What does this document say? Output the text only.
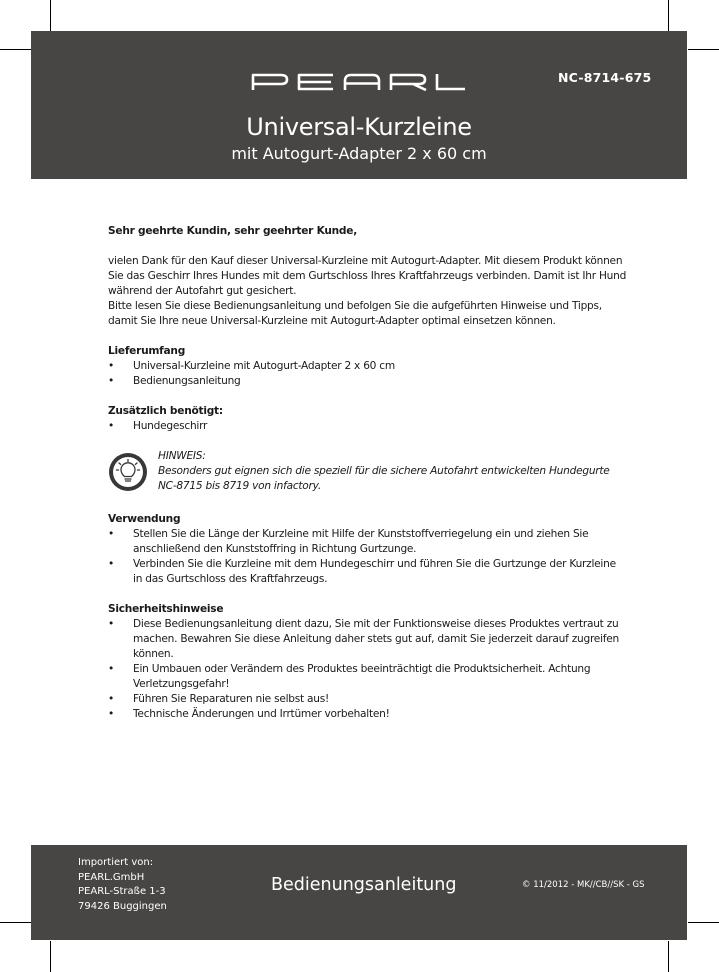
NC-8714-675
Universal-Kurzleine
mit Autogurt-Adapter 2 x 60 cm

Sehr geehrte Kundin, sehr geehrter Kunde,

vielen Dank für den Kauf dieser Universal-Kurzleine mit Autogurt-Adapter. Mit diesem Produkt können Sie das Geschirr Ihres Hundes mit dem Gurtschloss Ihres Kraftfahrzeugs verbinden. Damit ist Ihr Hund während der Autofahrt gut gesichert.

Bitte lesen Sie diese Bedienungsanleitung und befolgen Sie die aufgeführten Hinweise und Tipps, damit Sie Ihre neue Universal-Kurzleine mit Autogurt-Adapter optimal einsetzen können.

Lieferumfang

• Universal-Kurzleine mit Autogurt-Adapter 2 x 60 cm
• Bedienungsanleitung

Zusätzlich benötigt:

• Hundegeschirr
HINWEIS:
Besonders gut eignen sich die speziell für die sichere Autofahrt entwickelten Hundegurte NC-8715 bis 8719 von infactory.

Verwendung

• Stellen Sie die Länge der Kurzleine mit Hilfe der Kunststoffverriegelung ein und ziehen Sie anschließend den Kunststoffring in Richtung Gurtzunge.
• Verbinden Sie die Kurzleine mit dem Hundegeschirr und führen Sie die Gurtzunge der Kurzleine in das Gurtschloss des Kraftfahrzeugs.

Sicherheitshinweise

• Diese Bedienungsanleitung dient dazu, Sie mit der Funktionsweise dieses Produktes vertraut zu machen. Bewahren Sie diese Anleitung daher stets gut auf, damit Sie jederzeit darauf zugreifen können.
• Ein Umbauen oder Verändern des Produktes beeinträchtigt die Produktsicherheit. Achtung Verletzungsgefahr!
• Führen Sie Reparaturen nie selbst aus!
• Technische Änderungen und Irrtümer vorbehalten!
Importiert von:
PEARL.GmbH
PEARL-Straße 1-3
79426 Buggingen
Bedienungsanleitung	© 11/2012 - MK//CB//SK - GS
